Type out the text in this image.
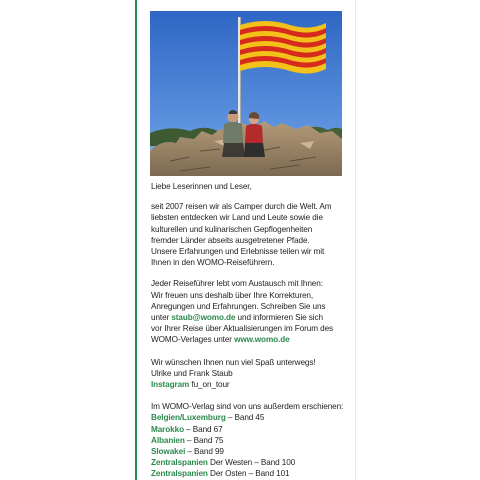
Liebe Leserinnen und Leser,

seit 2007 reisen wir als Camper durch die Welt. Am
liebsten entdecken wir Land und Leute sowie die
kulturellen und kulinarischen Gepflogenheiten
fremder Länder abseits ausgetretener Pfade.
Unsere Erfahrungen und Erlebnisse teilen wir mit
Ihnen in den WOMO-Reiseführern.

Jeder Reiseführer lebt vom Austausch mit Ihnen:
Wir freuen uns deshalb über Ihre Korrekturen,
Anregungen und Erfahrungen. Schreiben Sie uns
unter staub@womo.de und informieren Sie sich
vor Ihrer Reise über Aktualisierungen im Forum des
WOMO-Verlages unter www.womo.de

Wir wünschen Ihnen nun viel Spaß unterwegs!
Ulrike und Frank Staub
Instagram fu_on_tour

Im WOMO-Verlag sind von uns außerdem erschienen:
Belgien/Luxemburg – Band 45
Marokko – Band 67
Albanien – Band 75
Slowakei – Band 99
Zentralspanien Der Westen – Band 100
Zentralspanien Der Osten – Band 101
